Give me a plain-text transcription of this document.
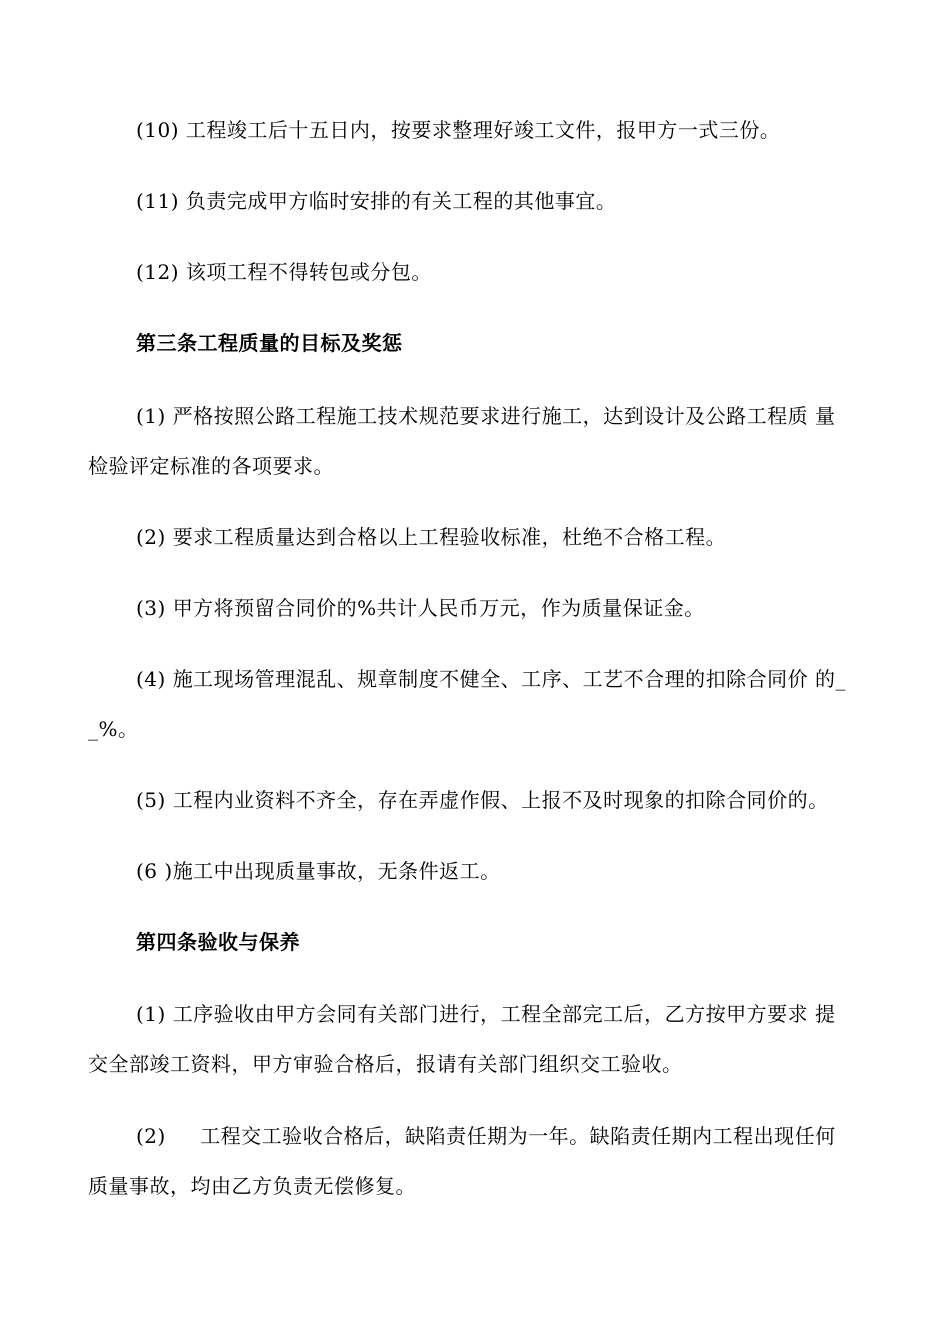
(10) 工程竣工后十五日内，按要求整理好竣工文件，报甲方一式三份。
(11) 负责完成甲方临时安排的有关工程的其他事宜。
(12) 该项工程不得转包或分包。
第三条工程质量的目标及奖惩
(1) 严格按照公路工程施工技术规范要求进行施工，达到设计及公路工程质 量
检验评定标准的各项要求。
(2) 要求工程质量达到合格以上工程验收标准，杜绝不合格工程。
(3) 甲方将预留合同价的%共计人民币万元，作为质量保证金。
(4) 施工现场管理混乱、规章制度不健全、工序、工艺不合理的扣除合同价 的_
_%。
(5) 工程内业资料不齐全，存在弄虚作假、上报不及时现象的扣除合同价的。
(6 )施工中出现质量事故，无条件返工。
第四条验收与保养
(1) 工序验收由甲方会同有关部门进行，工程全部完工后，乙方按甲方要求 提
交全部竣工资料，甲方审验合格后，报请有关部门组织交工验收。
(2)     工程交工验收合格后，缺陷责任期为一年。缺陷责任期内工程出现任何
质量事故，均由乙方负责无偿修复。
